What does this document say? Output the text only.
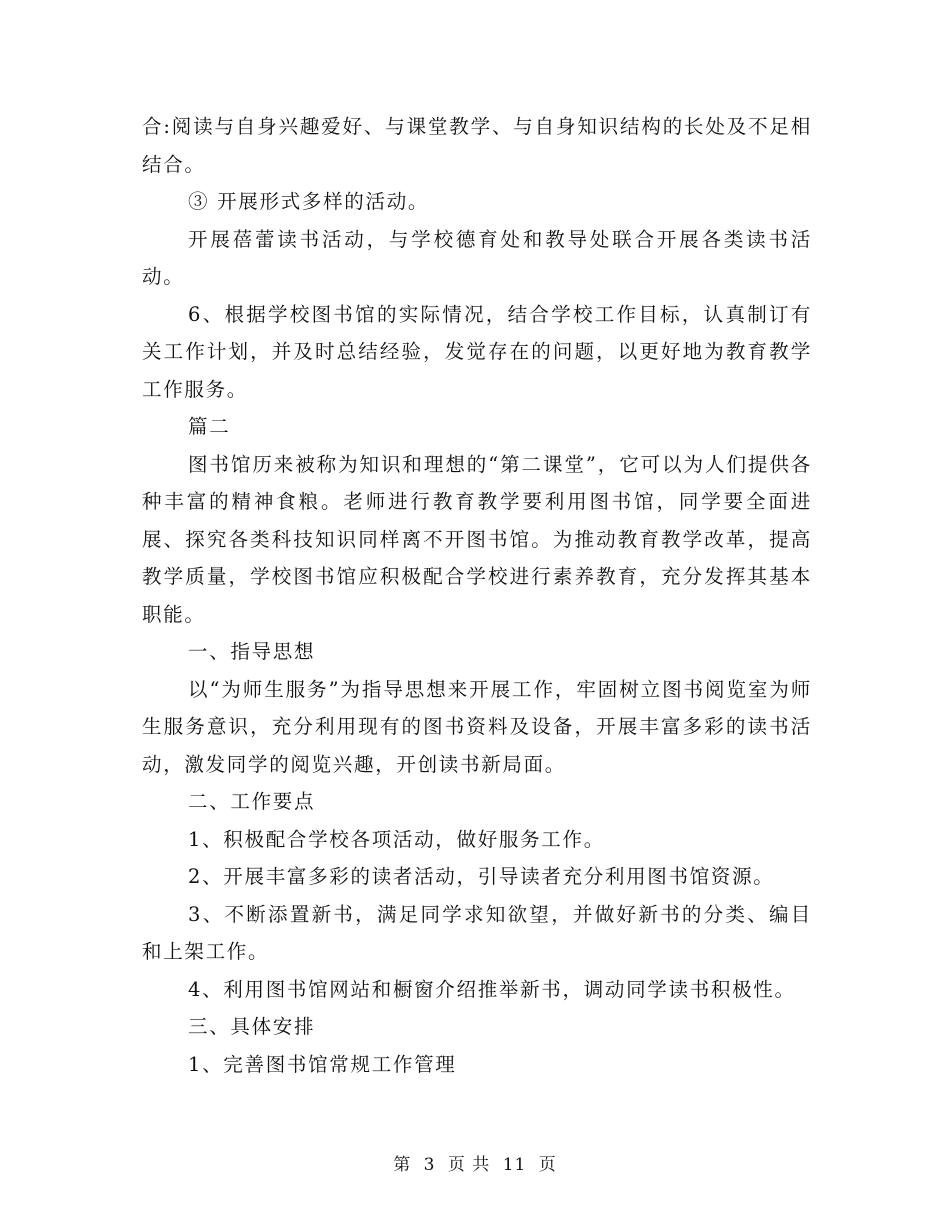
合:阅读与自身兴趣爱好、与课堂教学、与自身知识结构的长处及不足相结合。

③ 开展形式多样的活动。

开展蓓蕾读书活动，与学校德育处和教导处联合开展各类读书活动。

6、根据学校图书馆的实际情况，结合学校工作目标，认真制订有关工作计划，并及时总结经验，发觉存在的问题，以更好地为教育教学工作服务。

篇二

图书馆历来被称为知识和理想的“第二课堂”，它可以为人们提供各种丰富的精神食粮。老师进行教育教学要利用图书馆，同学要全面进展、探究各类科技知识同样离不开图书馆。为推动教育教学改革，提高教学质量，学校图书馆应积极配合学校进行素养教育，充分发挥其基本职能。

一、指导思想

以“为师生服务”为指导思想来开展工作，牢固树立图书阅览室为师生服务意识，充分利用现有的图书资料及设备，开展丰富多彩的读书活动，激发同学的阅览兴趣，开创读书新局面。

二、工作要点

1、积极配合学校各项活动，做好服务工作。

2、开展丰富多彩的读者活动，引导读者充分利用图书馆资源。

3、不断添置新书，满足同学求知欲望，并做好新书的分类、编目和上架工作。

4、利用图书馆网站和橱窗介绍推举新书，调动同学读书积极性。

三、具体安排

1、完善图书馆常规工作管理

第 3 页 共 11 页
